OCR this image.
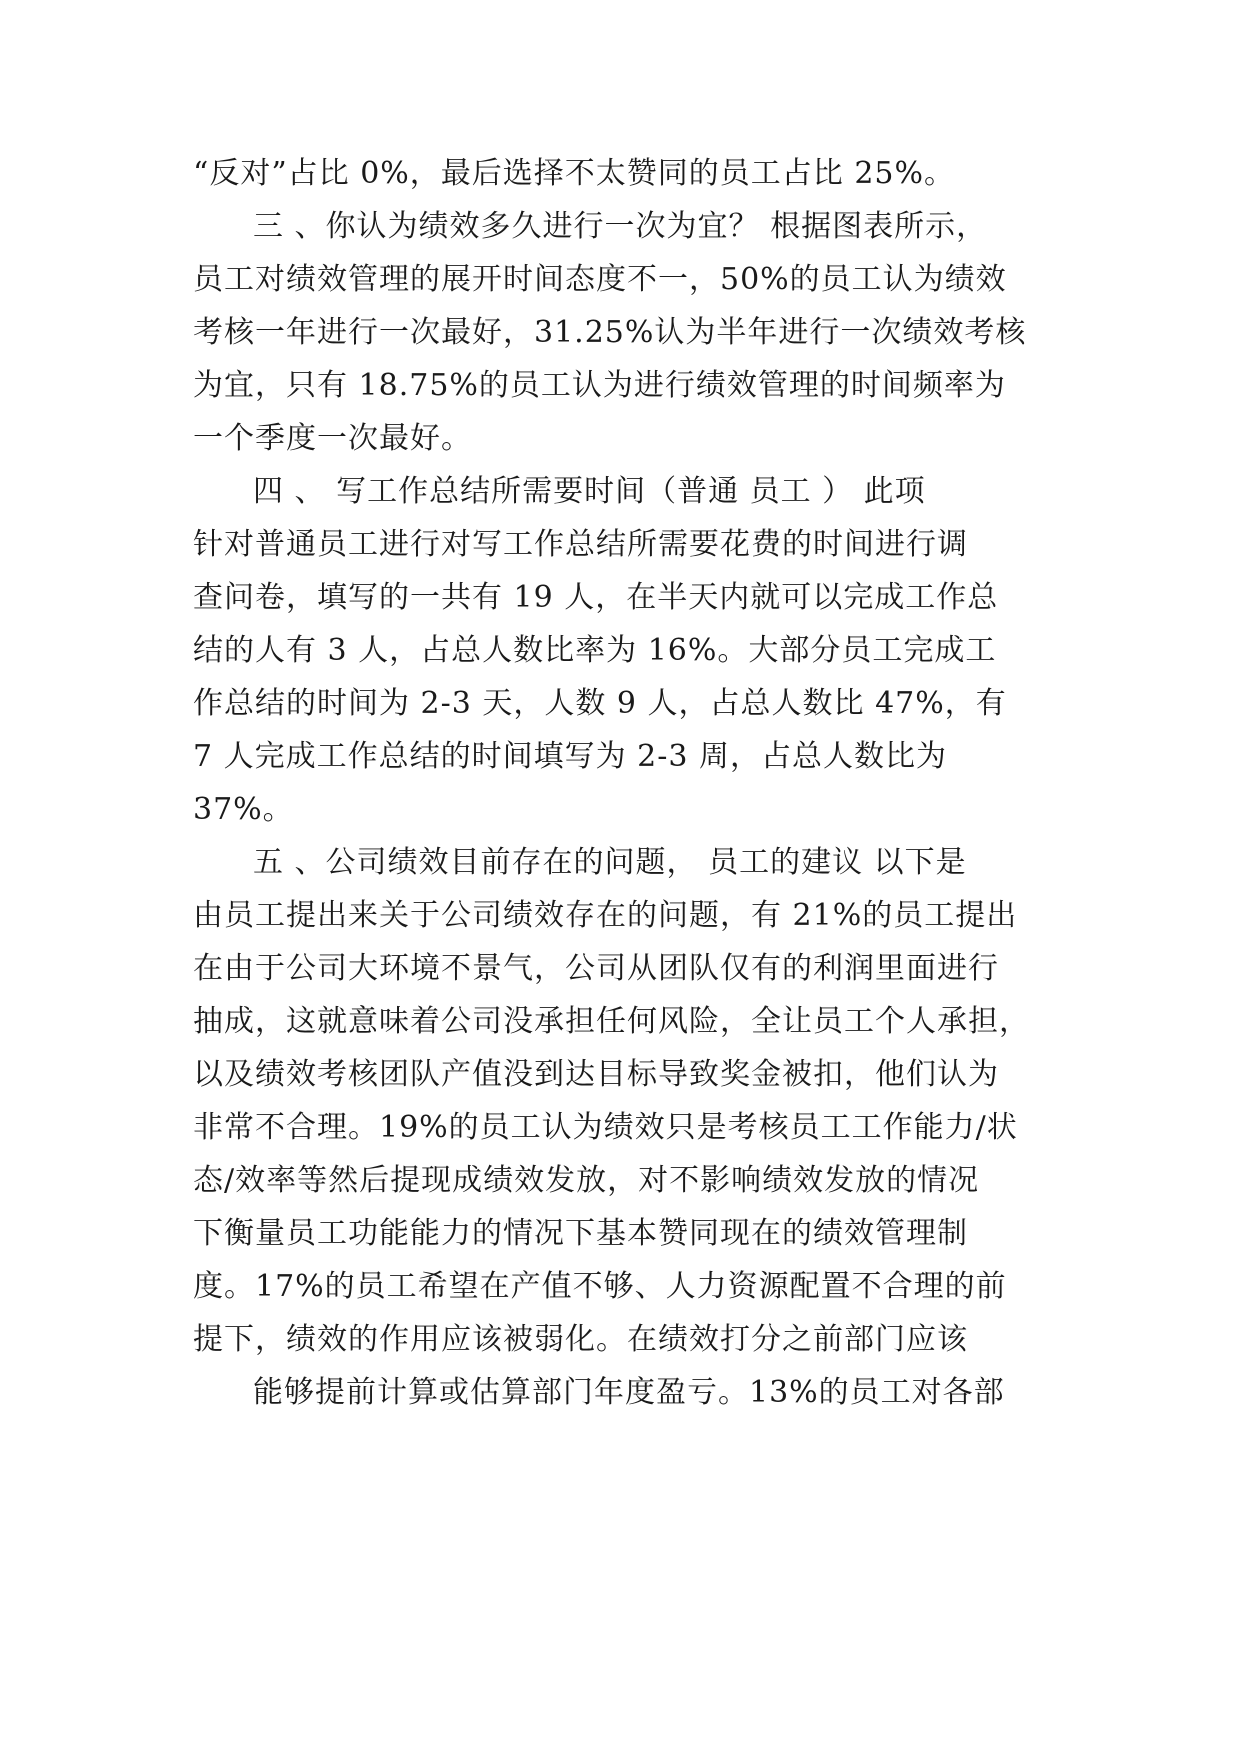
“反对”占比 0%，最后选择不太赞同的员工占比 25%。

三 、你认为绩效多久进行一次为宜？ 根据图表所示，

员工对绩效管理的展开时间态度不一，50%的员工认为绩效

考核一年进行一次最好，31.25%认为半年进行一次绩效考核

为宜，只有 18.75%的员工认为进行绩效管理的时间频率为

一个季度一次最好。

四 、 写工作总结所需要时间（普通 员工 ） 此项

针对普通员工进行对写工作总结所需要花费的时间进行调

查问卷，填写的一共有 19 人，在半天内就可以完成工作总

结的人有 3 人，占总人数比率为 16%。大部分员工完成工

作总结的时间为 2-3 天，人数 9 人，占总人数比 47%，有

7 人完成工作总结的时间填写为 2-3 周，占总人数比为

37%。

五 、公司绩效目前存在的问题， 员工的建议 以下是

由员工提出来关于公司绩效存在的问题，有 21%的员工提出

在由于公司大环境不景气，公司从团队仅有的利润里面进行

抽成，这就意味着公司没承担任何风险，全让员工个人承担，

以及绩效考核团队产值没到达目标导致奖金被扣，他们认为

非常不合理。19%的员工认为绩效只是考核员工工作能力/状

态/效率等然后提现成绩效发放，对不影响绩效发放的情况

下衡量员工功能能力的情况下基本赞同现在的绩效管理制

度。17%的员工希望在产值不够、人力资源配置不合理的前

提下，绩效的作用应该被弱化。在绩效打分之前部门应该

能够提前计算或估算部门年度盈亏。13%的员工对各部
